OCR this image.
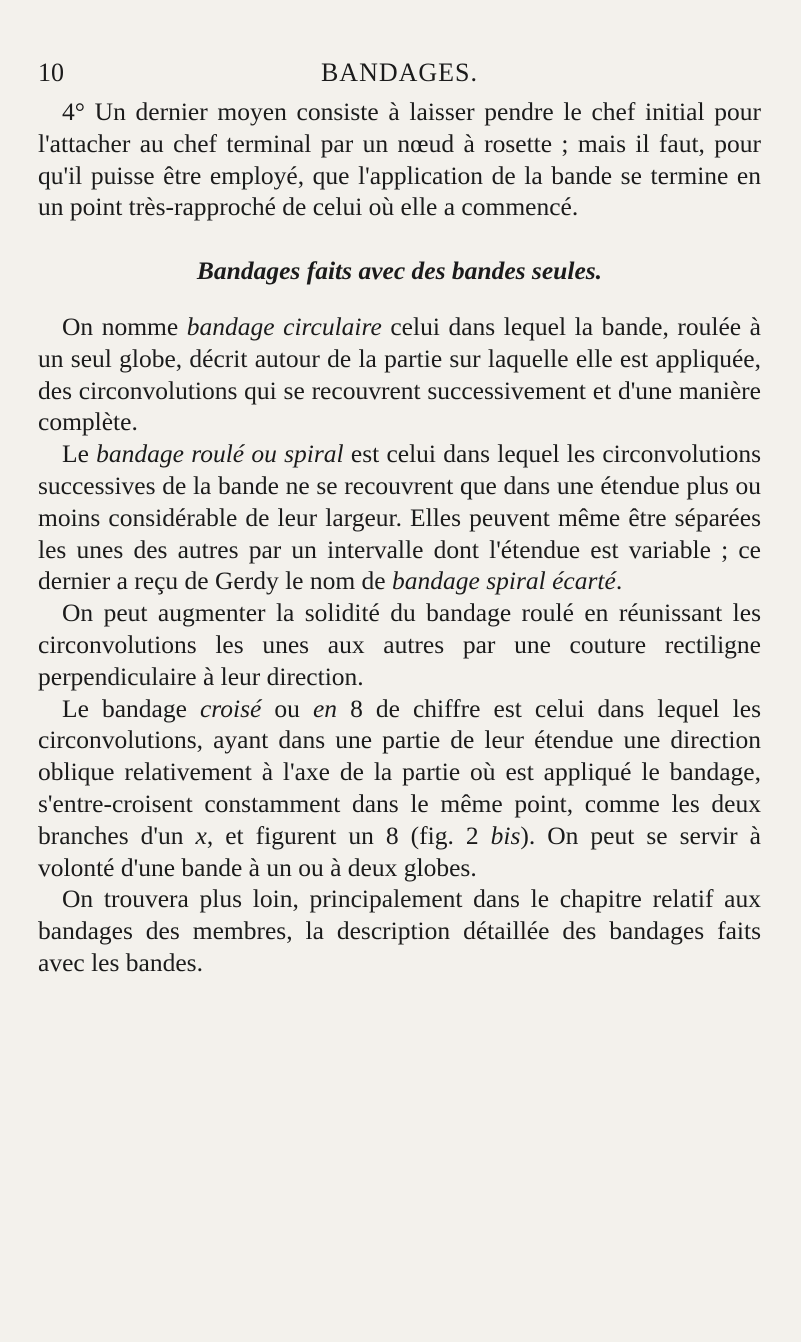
10	BANDAGES.

4° Un dernier moyen consiste à laisser pendre le chef initial pour l'attacher au chef terminal par un nœud à rosette ; mais il faut, pour qu'il puisse être employé, que l'application de la bande se termine en un point très-rapproché de celui où elle a commencé.

Bandages faits avec des bandes seules.

On nomme bandage circulaire celui dans lequel la bande, roulée à un seul globe, décrit autour de la partie sur laquelle elle est appliquée, des circonvolutions qui se recouvrent successivement et d'une manière complète.

Le bandage roulé ou spiral est celui dans lequel les circonvolutions successives de la bande ne se recouvrent que dans une étendue plus ou moins considérable de leur largeur. Elles peuvent même être séparées les unes des autres par un intervalle dont l'étendue est variable ; ce dernier a reçu de Gerdy le nom de bandage spiral écarté.

On peut augmenter la solidité du bandage roulé en réunissant les circonvolutions les unes aux autres par une couture rectiligne perpendiculaire à leur direction.

Le bandage croisé ou en 8 de chiffre est celui dans lequel les circonvolutions, ayant dans une partie de leur étendue une direction oblique relativement à l'axe de la partie où est appliqué le bandage, s'entre-croisent constamment dans le même point, comme les deux branches d'un x, et figurent un 8 (fig. 2 bis). On peut se servir à volonté d'une bande à un ou à deux globes.

On trouvera plus loin, principalement dans le chapitre relatif aux bandages des membres, la description détaillée des bandages faits avec les bandes.
